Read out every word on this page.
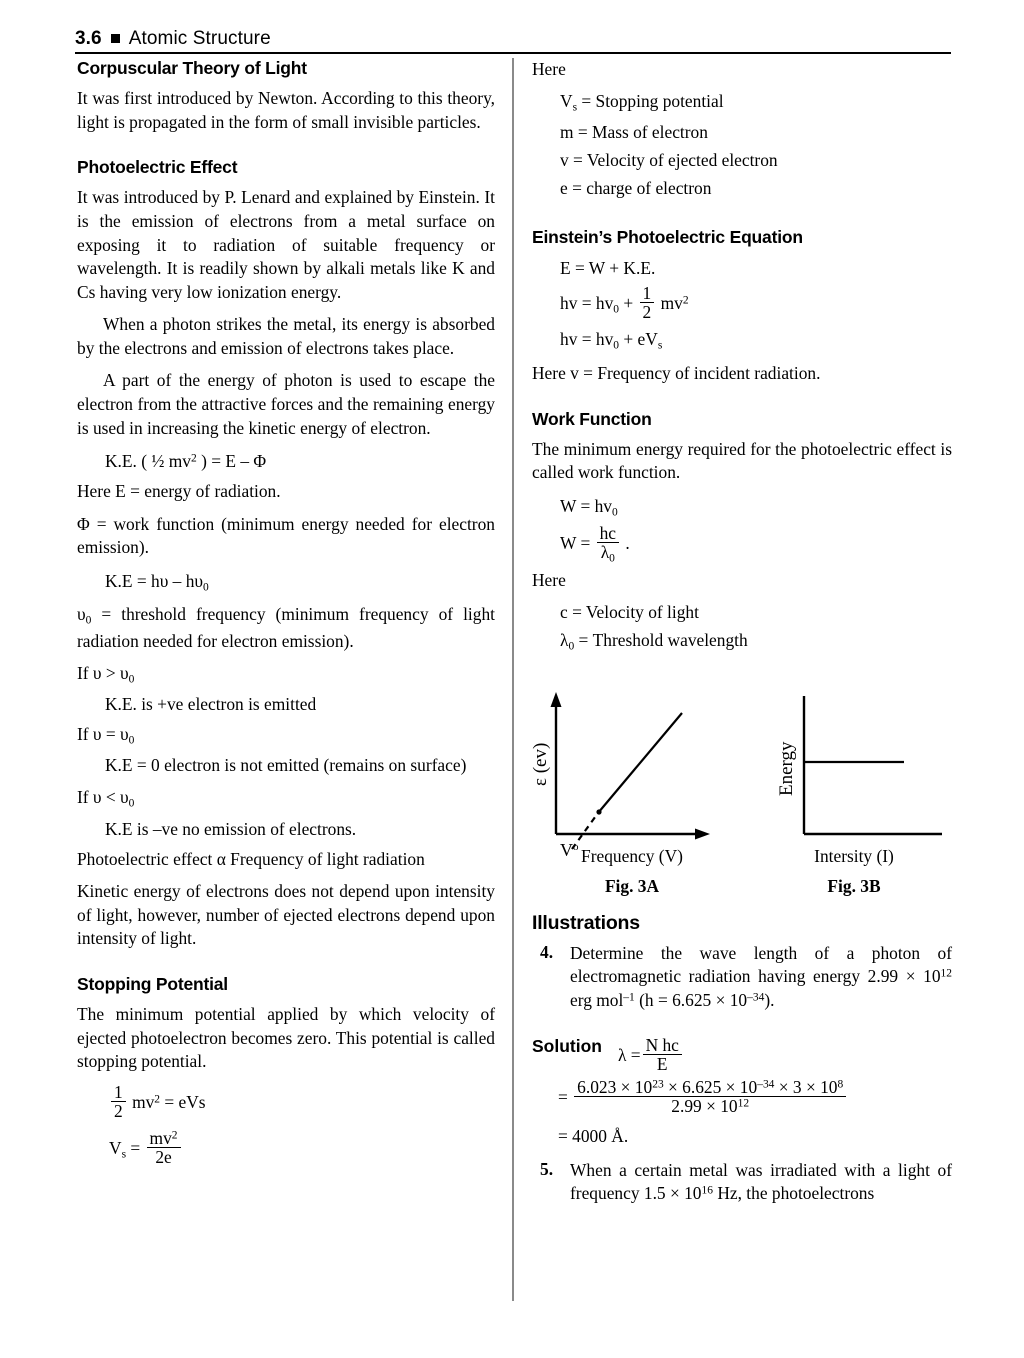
3.6 Atomic Structure
Corpuscular Theory of Light

It was first introduced by Newton. According to this theory, light is propagated in the form of small invisible particles.

Photoelectric Effect

It was introduced by P. Lenard and explained by Einstein. It is the emission of electrons from a metal surface on exposing it to radiation of suitable frequency or wavelength. It is readily shown by alkali metals like K and Cs having very low ionization energy.

When a photon strikes the metal, its energy is absorbed by the electrons and emission of electrons takes place.

A part of the energy of photon is used to escape the electron from the attractive forces and the remaining energy is used in increasing the kinetic energy of electron.

K.E. ( ½ $mv^2$ ) = E – Φ

Here E = energy of radiation.

Φ = work function (minimum energy needed for electron emission).

$K.E = h\upsilon - h\upsilon_0$

$\upsilon_0$ = threshold frequency (minimum frequency of light radiation needed for electron emission).

If $\upsilon > \upsilon_0$

K.E. is +ve electron is emitted

If $\upsilon = \upsilon_0$

K.E = 0 electron is not emitted (remains on surface)

If $\upsilon < \upsilon_0$

K.E is –ve no emission of electrons.

Photoelectric effect α Frequency of light radiation

Kinetic energy of electrons does not depend upon intensity of light, however, number of ejected electrons depend upon intensity of light.

Stopping Potential

The minimum potential applied by which velocity of ejected photoelectron becomes zero. This potential is called stopping potential.

$\frac{1}{2} mv^2$ = eVs

$V_s = \frac{mv^2}{2e}$

Here

$V_s$ = Stopping potential

m = Mass of electron

v = Velocity of ejected electron

e = charge of electron

Einstein’s Photoelectric Equation

E = W + K.E.

hv = $hv_0 + \frac{1}{2} mv^2$

hv = $hv_0 + eV_s$

Here v = Frequency of incident radiation.

Work Function

The minimum energy required for the photoelectric effect is called work function.

$W = hv_0$

$W = \frac{hc}{\lambda_0}$ .

Here

c = Velocity of light

$\lambda_0$ = Threshold wavelength

ε (ev)
$V^o$ Frequency (V)
Fig. 3A
Energy
Intersity (I)
Fig. 3B
Illustrations
4. Determine the wave length of a photon of electromagnetic radiation having energy $2.99 \times 10^{12}$ erg mol$^{-1}$ $(h = 6.625 \times 10^{-34})$.

Solution $\lambda = \frac{\text{N hc}}{E}$

= $\frac{6.023 \times 10^{23} \times 6.625 \times 10^{-34} \times 3 \times 10^8}{2.99 \times 10^{12}}$

= 4000 Å.

5. When a certain metal was irradiated with a light of frequency $1.5 \times 10^{16}$ Hz, the photoelectrons
